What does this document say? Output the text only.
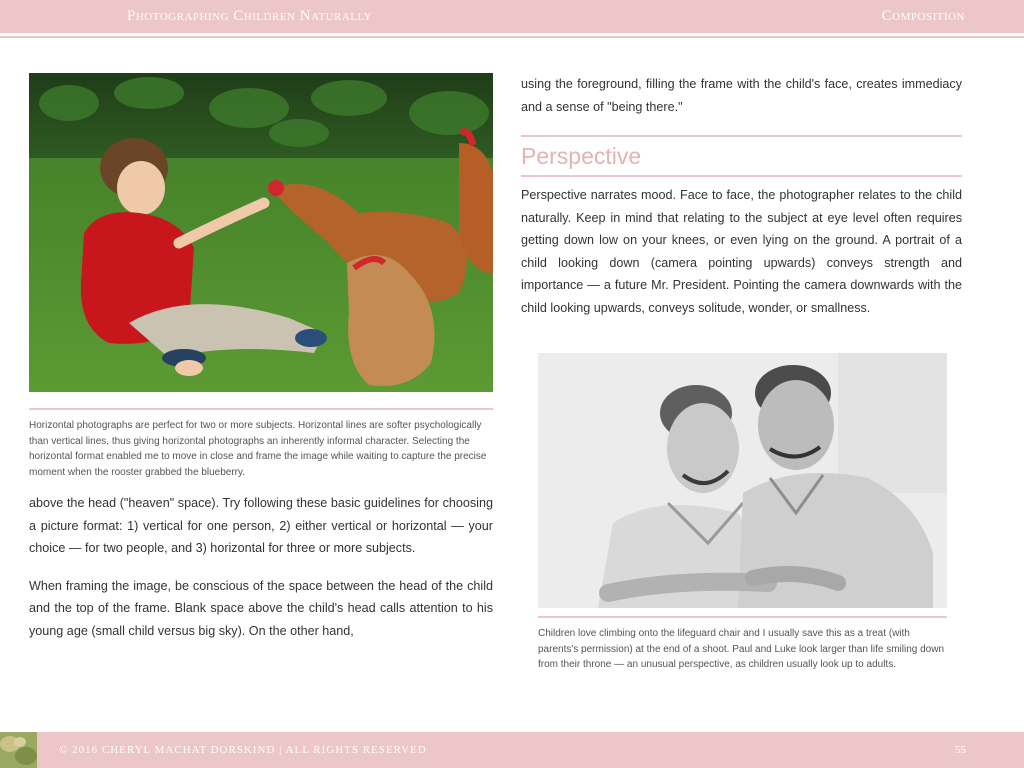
Photographing Children Naturally	Composition
Horizontal photographs are perfect for two or more subjects. Horizontal lines are softer psychologically than vertical lines, thus giving horizontal photographs an inherently informal character. Selecting the horizontal format enabled me to move in close and frame the image while waiting to capture the precise moment when the rooster grabbed the blueberry.

above the head ("heaven" space). Try following these basic guidelines for choosing a picture format: 1) vertical for one person, 2) either vertical or horizontal — your choice — for two people, and 3) horizontal for three or more subjects.

When framing the image, be conscious of the space between the head of the child and the top of the frame. Blank space above the child's head calls attention to his young age (small child versus big sky). On the other hand,

using the foreground, filling the frame with the child's face, creates immediacy and a sense of "being there."
Perspective
Perspective narrates mood. Face to face, the photographer relates to the child naturally. Keep in mind that relating to the subject at eye level often requires getting down low on your knees, or even lying on the ground. A portrait of a child looking down (camera pointing upwards) conveys strength and importance — a future Mr. President. Pointing the camera downwards with the child looking upwards, conveys solitude, wonder, or smallness.
Children love climbing onto the lifeguard chair and I usually save this as a treat (with parents's permission) at the end of a shoot. Paul and Luke look larger than life smiling down from their throne — an unusual perspective, as children usually look up to adults.
© 2016 CHERYL MACHAT DORSKIND | ALL RIGHTS RESERVED	55
